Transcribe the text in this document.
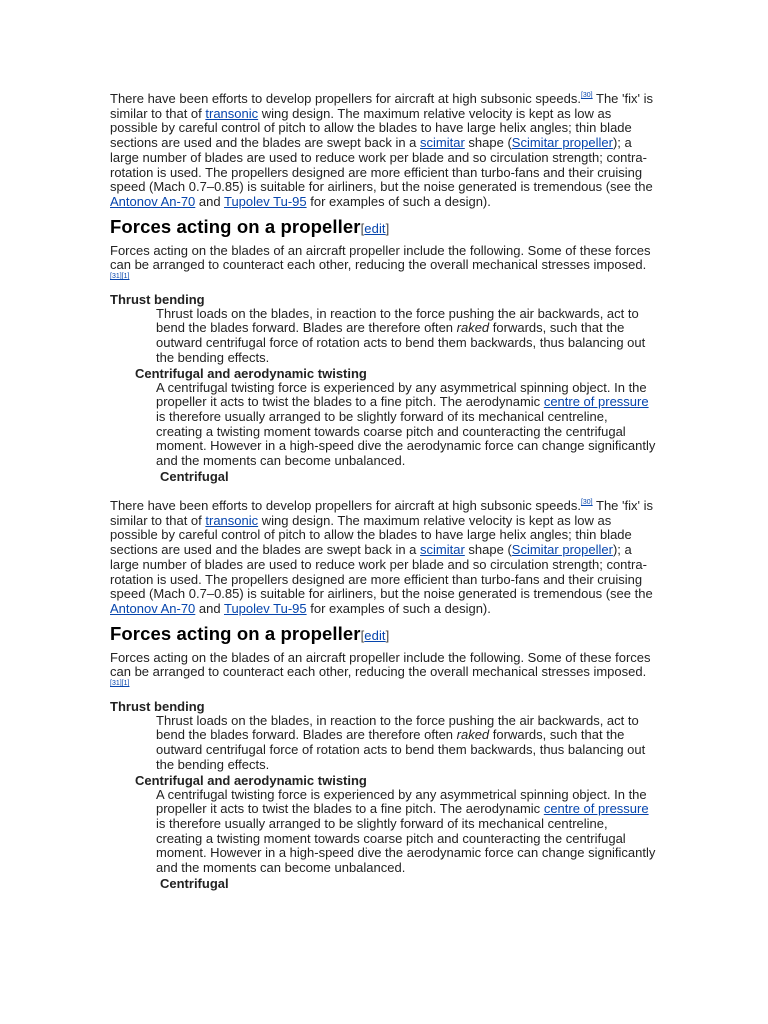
There have been efforts to develop propellers for aircraft at high subsonic speeds.[30] The 'fix' is similar to that of transonic wing design. The maximum relative velocity is kept as low as possible by careful control of pitch to allow the blades to have large helix angles; thin blade sections are used and the blades are swept back in a scimitar shape (Scimitar propeller); a large number of blades are used to reduce work per blade and so circulation strength; contra-rotation is used. The propellers designed are more efficient than turbo-fans and their cruising speed (Mach 0.7–0.85) is suitable for airliners, but the noise generated is tremendous (see the Antonov An-70 and Tupolev Tu-95 for examples of such a design).

Forces acting on a propeller[edit]

Forces acting on the blades of an aircraft propeller include the following. Some of these forces can be arranged to counteract each other, reducing the overall mechanical stresses imposed.[31][1]

Thrust bending
Thrust loads on the blades, in reaction to the force pushing the air backwards, act to bend the blades forward. Blades are therefore often raked forwards, such that the outward centrifugal force of rotation acts to bend them backwards, thus balancing out the bending effects.
Centrifugal and aerodynamic twisting
A centrifugal twisting force is experienced by any asymmetrical spinning object. In the propeller it acts to twist the blades to a fine pitch. The aerodynamic centre of pressure is therefore usually arranged to be slightly forward of its mechanical centreline, creating a twisting moment towards coarse pitch and counteracting the centrifugal moment. However in a high-speed dive the aerodynamic force can change significantly and the moments can become unbalanced.
Centrifugal

There have been efforts to develop propellers for aircraft at high subsonic speeds.[30] The 'fix' is similar to that of transonic wing design. The maximum relative velocity is kept as low as possible by careful control of pitch to allow the blades to have large helix angles; thin blade sections are used and the blades are swept back in a scimitar shape (Scimitar propeller); a large number of blades are used to reduce work per blade and so circulation strength; contra-rotation is used. The propellers designed are more efficient than turbo-fans and their cruising speed (Mach 0.7–0.85) is suitable for airliners, but the noise generated is tremendous (see the Antonov An-70 and Tupolev Tu-95 for examples of such a design).

Forces acting on a propeller[edit]

Forces acting on the blades of an aircraft propeller include the following. Some of these forces can be arranged to counteract each other, reducing the overall mechanical stresses imposed.[31][1]

Thrust bending
Thrust loads on the blades, in reaction to the force pushing the air backwards, act to bend the blades forward. Blades are therefore often raked forwards, such that the outward centrifugal force of rotation acts to bend them backwards, thus balancing out the bending effects.
Centrifugal and aerodynamic twisting
A centrifugal twisting force is experienced by any asymmetrical spinning object. In the propeller it acts to twist the blades to a fine pitch. The aerodynamic centre of pressure is therefore usually arranged to be slightly forward of its mechanical centreline, creating a twisting moment towards coarse pitch and counteracting the centrifugal moment. However in a high-speed dive the aerodynamic force can change significantly and the moments can become unbalanced.
Centrifugal
